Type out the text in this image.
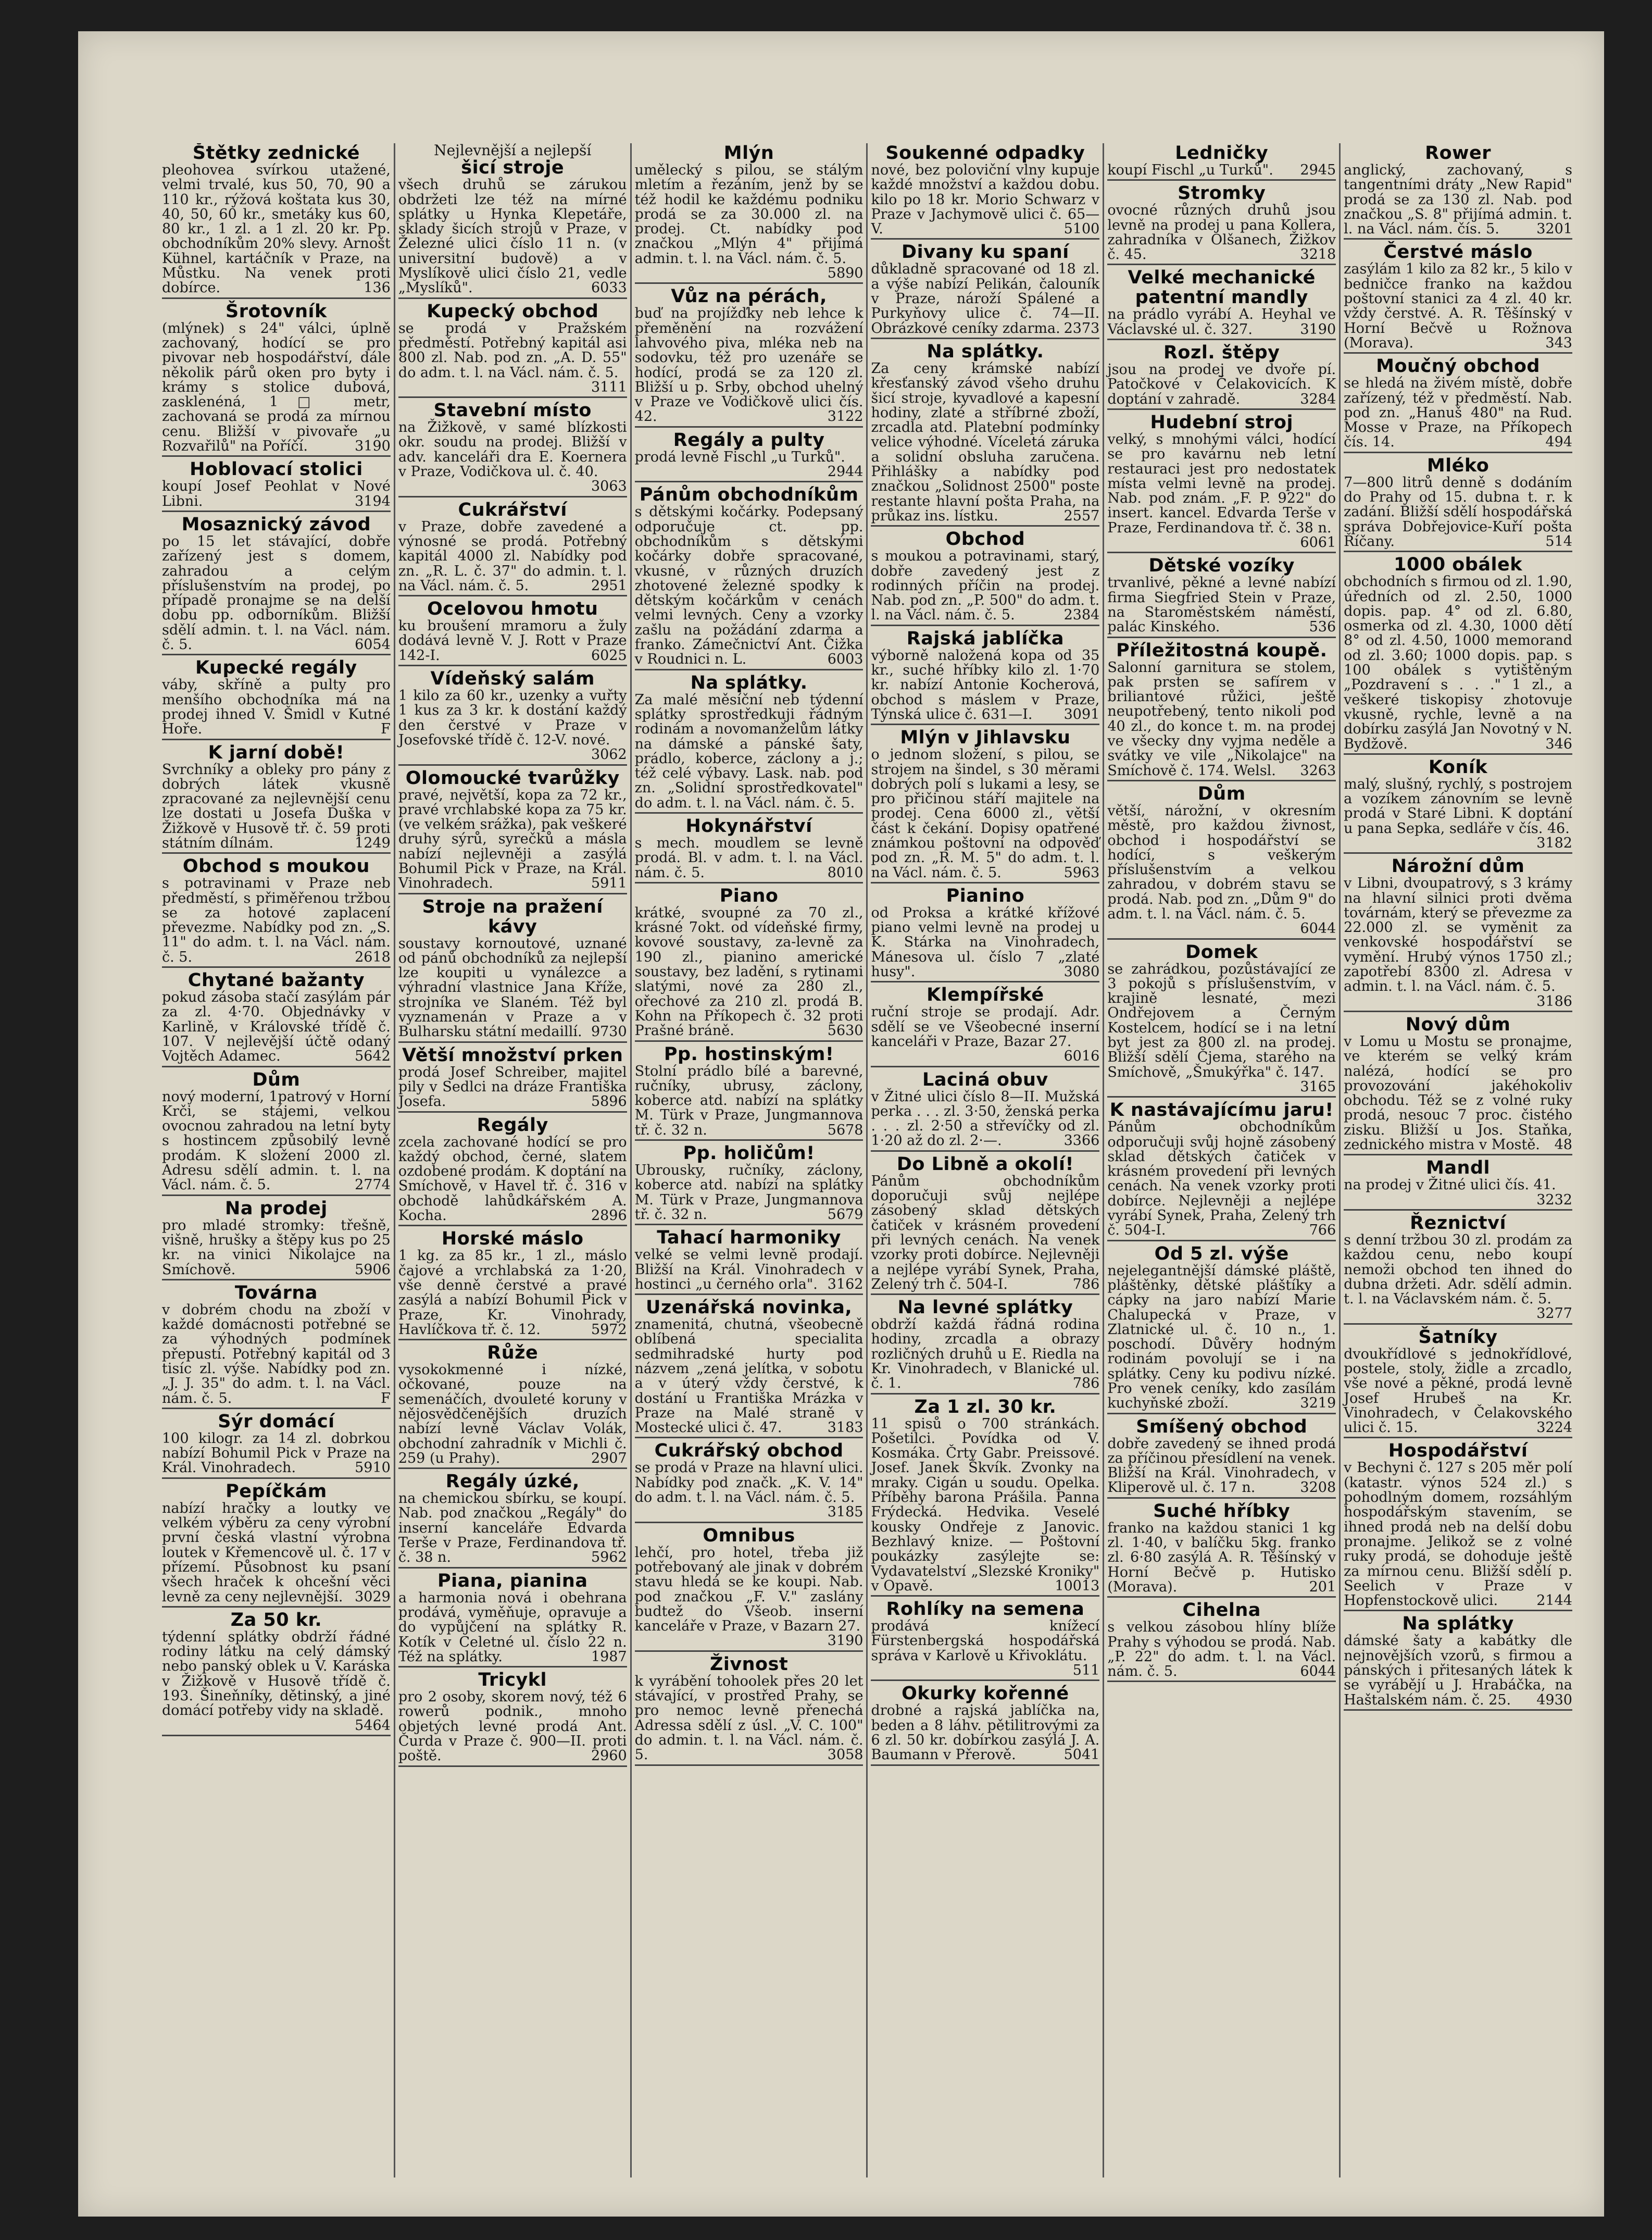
Štětky zednické

pleohovea svírkou utažené, velmi trvalé, kus 50, 70, 90 a 110 kr., rýžová koštata kus 30, 40, 50, 60 kr., smetáky kus 60, 80 kr., 1 zl. a 1 zl. 20 kr. Pp. obchodníkům 20% slevy. Arnošt Kühnel, kartáčník v Praze, na Můstku. Na venek proti dobírce.	136

Šrotovník

(mlýnek) s 24" válci, úplně zachovaný, hodící se pro pivovar neb hospodářství, dále několik párů oken pro byty i krámy s stolice dubová, zasklenéná, 1□ metr, zachovaná se prodá za mírnou cenu. Bližší v pivovaře „u Rozvařilů" na Poříčí.	3190

Hoblovací stolici

koupí Josef Peohlat v Nové Libni.	3194

Mosaznický závod

po 15 let stávající, dobře zařízený jest s domem, zahradou a celým příslušenstvím na prodej, po případě pronajme se na delší dobu pp. odborníkům. Bližší sdělí admin. t. l. na Václ. nám. č. 5.	6054

Kupecké regály

váby, skříně a pulty pro menšího obchodníka má na prodej ihned V. Šmidl v Kutné Hoře.	F

K jarní době!

Svrchníky a obleky pro pány z dobrých látek vkusně zpracované za nejlevnější cenu lze dostati u Josefa Duška v Žižkově v Husově tř. č. 59 proti státním dílnám.	1249

Obchod s moukou

s potravinami v Praze neb předměstí, s přiměřenou tržbou se za hotové zaplacení převezme. Nabídky pod zn. „S. 11" do adm. t. l. na Václ. nám. č. 5.	2618

Chytané bažanty

pokud zásoba stačí zasýlám pár za zl. 4·70. Objednávky v Karlině, v Královské třídě č. 107. V nejlevější účtě odaný Vojtěch Adamec.	5642

Dům

nový moderní, 1patrový v Horní Krči, se stájemi, velkou ovocnou zahradou na letní byty s hostincem způsobilý levně prodám. K složení 2000 zl. Adresu sdělí admin. t. l. na Václ. nám. č. 5.	2774

Na prodej

pro mladé stromky: třešně, višně, hrušky a štěpy kus po 25 kr. na vinici Nikolajce na Smíchově.	5906

Továrna

v dobrém chodu na zboží v každé domácnosti potřebné se za výhodných podmínek přepustí. Potřebný kapitál od 3 tisíc zl. výše. Nabídky pod zn. „J. J. 35" do adm. t. l. na Václ. nám. č. 5.	F

Sýr domácí

100 kilogr. za 14 zl. dobrkou nabízí Bohumil Pick v Praze na Král. Vinohradech.	5910

Pepíčkám

nabízí hračky a loutky ve velkém výběru za ceny výrobní první česká vlastní výrobna loutek v Křemencově ul. č. 17 v přízemí. Působnost ku psaní všech hraček k ohcešní věci levně za ceny nejlevnější. 3029

Za 50 kr.

týdenní splátky obdrží řádné rodiny látku na celý dámský nebo panský oblek u V. Karáska v Žižkově v Husově třídě č. 193. Šineňníky, dětinský, a jiné domácí potřeby vidy na skladě.
5464

Nejlevnější a nejlepší
šicí stroje

všech druhů se zárukou obdržeti lze též na mírné splátky u Hynka Klepetáře, sklady šicích strojů v Praze, v Železné ulici číslo 11 n. (v universitní budově) a v Myslíkově ulici číslo 21, vedle „Myslíků".	6033

Kupecký obchod

se prodá v Pražském předměstí. Potřebný kapitál asi 800 zl. Nab. pod zn. „A. D. 55" do adm. t. l. na Václ. nám. č. 5.
3111

Stavební místo

na Žižkově, v samé blízkosti okr. soudu na prodej. Bližší v adv. kanceláři dra E. Koernera v Praze, Vodičkova ul. č. 40.
3063

Cukrářství

v Praze, dobře zavedené a výnosné se prodá. Potřebný kapitál 4000 zl. Nabídky pod zn. „R. L. č. 37" do admin. t. l. na Václ. nám. č. 5.	2951

Ocelovou hmotu

ku broušení mramoru a žuly dodává levně V. J. Rott v Praze 142-I.	6025

Vídeňský salám

1 kilo za 60 kr., uzenky a vuřty 1 kus za 3 kr. k dostání každý den čerstvé v Praze v Josefovské třídě č. 12-V. nové.
3062

Olomoucké tvarůžky

pravé, největší, kopa za 72 kr., pravé vrchlabské kopa za 75 kr. (ve velkém srážka), pak veškeré druhy sýrů, syrečků a másla nabízí nejlevněji a zasýlá Bohumil Pick v Praze, na Král. Vinohradech.	5911

Stroje na pražení kávy

soustavy kornoutové, uznané od pánů obchodníků za nejlepší lze koupiti u vynálezce a výhradní vlastnice Jana Kříže, strojníka ve Slaném. Též byl vyznamenán v Praze a v Bulharsku státní medaillí. 9730

Větší množství prken

prodá Josef Schreiber, majitel pily v Sedlci na dráze Františka Josefa.	5896

Regály

zcela zachované hodící se pro každý obchod, černé, slatem ozdobené prodám. K doptání na Smíchově, v Havel tř. č. 316 v obchodě lahůdkářském A. Kocha.	2896

Horské máslo

1 kg. za 85 kr., 1 zl., máslo čajové a vrchlabská za 1·20, vše denně čerstvé a pravé zasýlá a nabízí Bohumil Pick v Praze, Kr. Vinohrady, Havlíčkova tř. č. 12.	5972

Růže

vysokokmenné i nízké, očkované, pouze na semenáčích, dvouleté koruny v nějosvědčenějších druzích nabízí levně Václav Volák, obchodní zahradník v Michli č. 259 (u Prahy).	2907

Regály úzké,

na chemickou sbírku, se koupí. Nab. pod značkou „Regály" do inserní kanceláře Edvarda Terše v Praze, Ferdinandova tř. č. 38 n.	5962

Piana, pianina

a harmonia nová i obehrana prodává, vyměňuje, opravuje a do vypůjčení na splátky R. Kotík v Celetné ul. číslo 22 n. Též na splátky.	1987

Tricykl

pro 2 osoby, skorem nový, též 6 rowerů podnik., mnoho objetých levné prodá Ant. Čurda v Praze č. 900—II. proti poště.	2960

Mlýn

umělecký s pilou, se stálým mletím a řezáním, jenž by se též hodil ke každému podniku prodá se za 30.000 zl. na prodej. Ct. nabídky pod značkou „Mlýn 4" přijímá admin. t. l. na Václ. nám. č. 5.
5890

Vůz na pérách,

buď na projížďky neb lehce k přeměnění na rozvážení lahvového piva, mléka neb na sodovku, též pro uzenáře se hodící, prodá se za 120 zl. Bližší u p. Srby, obchod uhelný v Praze ve Vodičkově ulici čís. 42.	3122

Regály a pulty

prodá levně Fischl „u Turků".
2944

Pánům obchodníkům

s dětskými kočárky. Podepsaný odporučuje ct. pp. obchodníkům s dětskými kočárky dobře spracované, vkusné, v různých druzích zhotovené železné spodky k dětským kočárkům v cenách velmi levných. Ceny a vzorky zašlu na požádání zdarma a franko. Zámečnictví Ant. Čižka v Roudnici n. L.	6003

Na splátky.

Za malé měsíční neb týdenní splátky sprostředkuji řádným rodinám a novomanželům látky na dámské a pánské šaty, prádlo, koberce, záclony a j.; též celé výbavy. Lask. nab. pod zn. „Solidní sprostředkovatel" do adm. t. l. na Václ. nám. č. 5.

Hokynářství

s mech. moudlem se levně prodá. Bl. v adm. t. l. na Václ. nám. č. 5.	8010

Piano

krátké, svoupné za 70 zl., krásné 7okt. od vídeňské firmy, kovové soustavy, za-levně za 190 zl., pianino americké soustavy, bez ladění, s rytinami slatými, nové za 280 zl., ořechové za 210 zl. prodá B. Kohn na Příkopech č. 32 proti Prašné bráně.	5630

Pp. hostinským!

Stolní prádlo bílé a barevné, ručníky, ubrusy, záclony, koberce atd. nabízí na splátky M. Türk v Praze, Jungmannova tř. č. 32 n.	5678

Pp. holičům!

Ubrousky, ručníky, záclony, koberce atd. nabízí na splátky M. Türk v Praze, Jungmannova tř. č. 32 n.	5679

Tahací harmoniky

velké se velmi levně prodají. Bližší na Král. Vinohradech v hostinci „u černého orla". 3162

Uzenářská novinka,

znamenitá, chutná, všeobecně oblíbená specialita sedmihradské hurty pod názvem „zená jelítka, v sobotu a v úterý vždy čerstvé, k dostání u Františka Mrázka v Praze na Malé straně v Mostecké ulici č. 47.	3183

Cukrářský obchod

se prodá v Praze na hlavní ulici. Nabídky pod značk. „K. V. 14" do adm. t. l. na Václ. nám. č. 5.
3185

Omnibus

lehčí, pro hotel, třeba již potřebovaný ale jinak v dobrém stavu hledá se ke koupi. Nab. pod značkou „F. V." zaslány budtež do Všeob. inserní kanceláře v Praze, v Bazarn 27.
3190

Živnost

k vyrábění tohoolek přes 20 let stávající, v prostřed Prahy, se pro nemoc levně přenechá Adressa sdělí z úsl. „V. C. 100" do admin. t. l. na Václ. nám. č. 5.	3058

Soukenné odpadky

nové, bez poloviční vlny kupuje každé množství a každou dobu. kilo po 18 kr. Morio Schwarz v Praze v Jachymově ulici č. 65—V.	5100

Divany ku spaní

důkladně spracované od 18 zl. a výše nabízí Pelikán, čalouník v Praze, nároží Spálené a Purkyňovy ulice č. 74—II. Obrázkové ceníky zdarma. 2373

Na splátky.

Za ceny krámské nabízí křesťanský závod všeho druhu šicí stroje, kyvadlové a kapesní hodiny, zlaté a stříbrné zboží, zrcadla atd. Platební podmínky velice výhodné. Víceletá záruka a solidní obsluha zaručena. Přihlášky a nabídky pod značkou „Solidnost 2500" poste restante hlavní pošta Praha, na průkaz ins. lístku.	2557

Obchod

s moukou a potravinami, starý, dobře zavedený jest z rodinných příčin na prodej. Nab. pod zn. „P. 500" do adm. t. l. na Václ. nám. č. 5.	2384

Rajská jablíčka

výborně naložená kopa od 35 kr., suché hříbky kilo zl. 1·70 kr. nabízí Antonie Kocherová, obchod s máslem v Praze, Týnská ulice č. 631—I. 3091

Mlýn v Jihlavsku

o jednom složení, s pilou, se strojem na šindel, s 30 měrami dobrých polí s lukami a lesy, se pro přičinou stáří majitele na prodej. Cena 6000 zl., větší část k čekání. Dopisy opatřené známkou poštovní na odpověď pod zn. „R. M. 5" do adm. t. l. na Václ. nám. č. 5.	5963

Pianino

od Proksa a krátké křížové piano velmi levně na prodej u K. Stárka na Vinohradech, Mánesova ul. číslo 7 „zlaté husy".	3080

Klempířské

ruční stroje se prodají. Adr. sdělí se ve Všeobecné inserní kanceláři v Praze, Bazar 27.
6016

Laciná obuv

v Žitné ulici číslo 8—II. Mužská perka . . . zl. 3·50, ženská perka . . . zl. 2·50 a střevíčky od zl. 1·20 až do zl. 2·—.	3366

Do Libně a okolí!

Pánům obchodníkům doporučuji svůj nejlépe zásobený sklad dětských čatiček v krásném provedení při levných cenách. Na venek vzorky proti dobírce. Nejlevněji a nejlépe vyrábí Synek, Praha, Zelený trh č. 504-I.	786

Na levné splátky

obdrží každá řádná rodina hodiny, zrcadla a obrazy rozličných druhů u E. Riedla na Kr. Vinohradech, v Blanické ul. č. 1.	786

Za 1 zl. 30 kr.

11 spisů o 700 stránkách. Pošetilci. Povídka od V. Kosmáka. Črty Gabr. Preissové. Josef. Janek Škvík. Zvonky na mraky. Cigán u soudu. Opelka. Příběhy barona Prášila. Panna Frýdecká. Hedvika. Veselé kousky Ondřeje z Janovic. Bezhlavý knize. — Poštovní poukázky zasýlejte se: Vydavatelství „Slezské Kroniky" v Opavě.	10013

Rohlíky na semena

prodává knížecí Fürstenbergská hospodářská správa v Karlově u Křivoklátu.
511

Okurky kořenné

drobné a rajská jablíčka na, beden a 8 láhv. pětilitrovými za 6 zl. 50 kr. dobírkou zasýlá J. A. Baumann v Přerově.	5041

Ledničky

koupí Fischl „u Turků". 2945

Stromky

ovocné různých druhů jsou levně na prodej u pana Kollera, zahradníka v Olšanech, Žižkov č. 45.	3218

Velké mechanické patentní mandly

na prádlo vyrábí A. Heyhal ve Václavské ul. č. 327.	3190

Rozl. štěpy

jsou na prodej ve dvoře pí. Patočkové v Čelakovicích. K doptání v zahradě.	3284

Hudební stroj

velký, s mnohými válci, hodící se pro kavárnu neb letní restauraci jest pro nedostatek místa velmi levně na prodej. Nab. pod znám. „F. P. 922" do insert. kancel. Edvarda Terše v Praze, Ferdinandova tř. č. 38 n.
6061

Dětské vozíky

trvanlivé, pěkné a levné nabízí firma Siegfried Stein v Praze, na Staroměstském náměstí, palác Kinského.	536

Příležitostná koupě.

Salonní garnitura se stolem, pak prsten se safírem v briliantové růžici, ještě neupotřebený, tento nikoli pod 40 zl., do konce t. m. na prodej ve všecky dny vyjma neděle a svátky ve vile „Nikolajce" na Smíchově č. 174. Welsl. 3263

Dům

větší, nárožní, v okresním městě, pro každou živnost, obchod i hospodářství se hodící, s veškerým příslušenstvím a velkou zahradou, v dobrém stavu se prodá. Nab. pod zn. „Dům 9" do adm. t. l. na Václ. nám. č. 5.
6044

Domek

se zahrádkou, pozůstávající ze 3 pokojů s příslušenstvím, v krajině lesnaté, mezi Ondřejovem a Černým Kostelcem, hodící se i na letní byt jest za 800 zl. na prodej. Bližší sdělí Čjema, starého na Smíchově, „Šmukýřka" č. 147.
3165

K nastávajícímu jaru!

Pánům obchodníkům odporučuji svůj hojně zásobený sklad dětských čatiček v krásném provedení při levných cenách. Na venek vzorky proti dobírce. Nejlevněji a nejlépe vyrábí Synek, Praha, Zelený trh č. 504-I.	766

Od 5 zl. výše

nejelegantnější dámské pláště, pláštěnky, dětské pláštíky a cápky na jaro nabízí Marie Chalupecká v Praze, v Zlatnické ul. č. 10 n., 1. poschodí. Důvěry hodným rodinám povolují se i na splátky. Ceny ku podivu nízké. Pro venek ceníky, kdo zasílám kuchyňské zboží.	3219

Smíšený obchod

dobře zavedený se ihned prodá za příčinou přesídlení na venek. Bližší na Král. Vinohradech, v Kliperově ul. č. 17 n.	3208

Suché hříbky

franko na každou stanici 1 kg zl. 1·40, v balíčku 5kg. franko zl. 6·80 zasýlá A. R. Těšínský v Horní Bečvě p. Hutisko (Morava).	201

Cihelna

s velkou zásobou hlíny blíže Prahy s výhodou se prodá. Nab. „P. 22" do adm. t. l. na Václ. nám. č. 5.	6044

Rower

anglický, zachovaný, s tangentními dráty „New Rapid" prodá se za 130 zl. Nab. pod značkou „S. 8" přijímá admin. t. l. na Václ. nám. čís. 5.	3201

Čerstvé máslo

zasýlám 1 kilo za 82 kr., 5 kilo v bedničce franko na každou poštovní stanici za 4 zl. 40 kr. vždy čerstvé. A. R. Těšínský v Horní Bečvě u Rožnova (Morava).	343

Moučný obchod

se hledá na živém místě, dobře zařízený, též v předměstí. Nab. pod zn. „Hanuš 480" na Rud. Mosse v Praze, na Příkopech čís. 14.	494

Mléko

7—800 litrů denně s dodáním do Prahy od 15. dubna t. r. k zadání. Bližší sdělí hospodářská správa Dobřejovice-Kuří pošta Říčany.	514

1000 obálek

obchodních s firmou od zl. 1.90, úředních od zl. 2.50, 1000 dopis. pap. 4° od zl. 6.80, osmerka od zl. 4.30, 1000 dětí 8° od zl. 4.50, 1000 memorand od zl. 3.60; 1000 dopis. pap. s 100 obálek s vytištěným „Pozdravení s . . ." 1 zl., a veškeré tiskopisy zhotovuje vkusně, rychle, levně a na dobírku zasýlá Jan Novotný v N. Bydžově.	346

Koník

malý, slušný, rychlý, s postrojem a vozíkem zánovním se levně prodá v Staré Libni. K doptání u pana Sepka, sedláře v čís. 46.
3182

Nárožní dům

v Libni, dvoupatrový, s 3 krámy na hlavní silnici proti dvěma továrnám, který se převezme za 22.000 zl. se vyměnit za venkovské hospodářství se vymění. Hrubý výnos 1750 zl.; zapotřebí 8300 zl. Adresa v admin. t. l. na Václ. nám. č. 5.
3186

Nový dům

v Lomu u Mostu se pronajme, ve kterém se velký krám nalézá, hodící se pro provozování jakéhokoliv obchodu. Též se z volné ruky prodá, nesouc 7 proc. čistého zisku. Bližší u Jos. Staňka, zednického mistra v Mostě. 48

Mandl

na prodej v Žitné ulici čís. 41.
3232

Řeznictví

s denní tržbou 30 zl. prodám za každou cenu, nebo koupí nemoži obchod ten ihned do dubna držeti. Adr. sdělí admin. t. l. na Václavském nám. č. 5.
3277

Šatníky

dvoukřídlové s jednokřídlové, postele, stoly, židle a zrcadlo, vše nové a pěkné, prodá levně Josef Hrubeš na Kr. Vinohradech, v Čelakovského ulici č. 15.	3224

Hospodářství

v Bechyni č. 127 s 205 měr polí (katastr. výnos 524 zl.) s pohodlným domem, rozsáhlým hospodářským stavením, se ihned prodá neb na delší dobu pronajme. Jelikož se z volné ruky prodá, se dohoduje ještě za mírnou cenu. Bližší sdělí p. Seelich v Praze v Hopfenstockově ulici.	2144

Na splátky

dámské šaty a kabátky dle nejnovějších vzorů, s firmou a pánských i přitesaných látek k se vyrábějí u J. Hrabáčka, na Haštalském nám. č. 25. 4930
